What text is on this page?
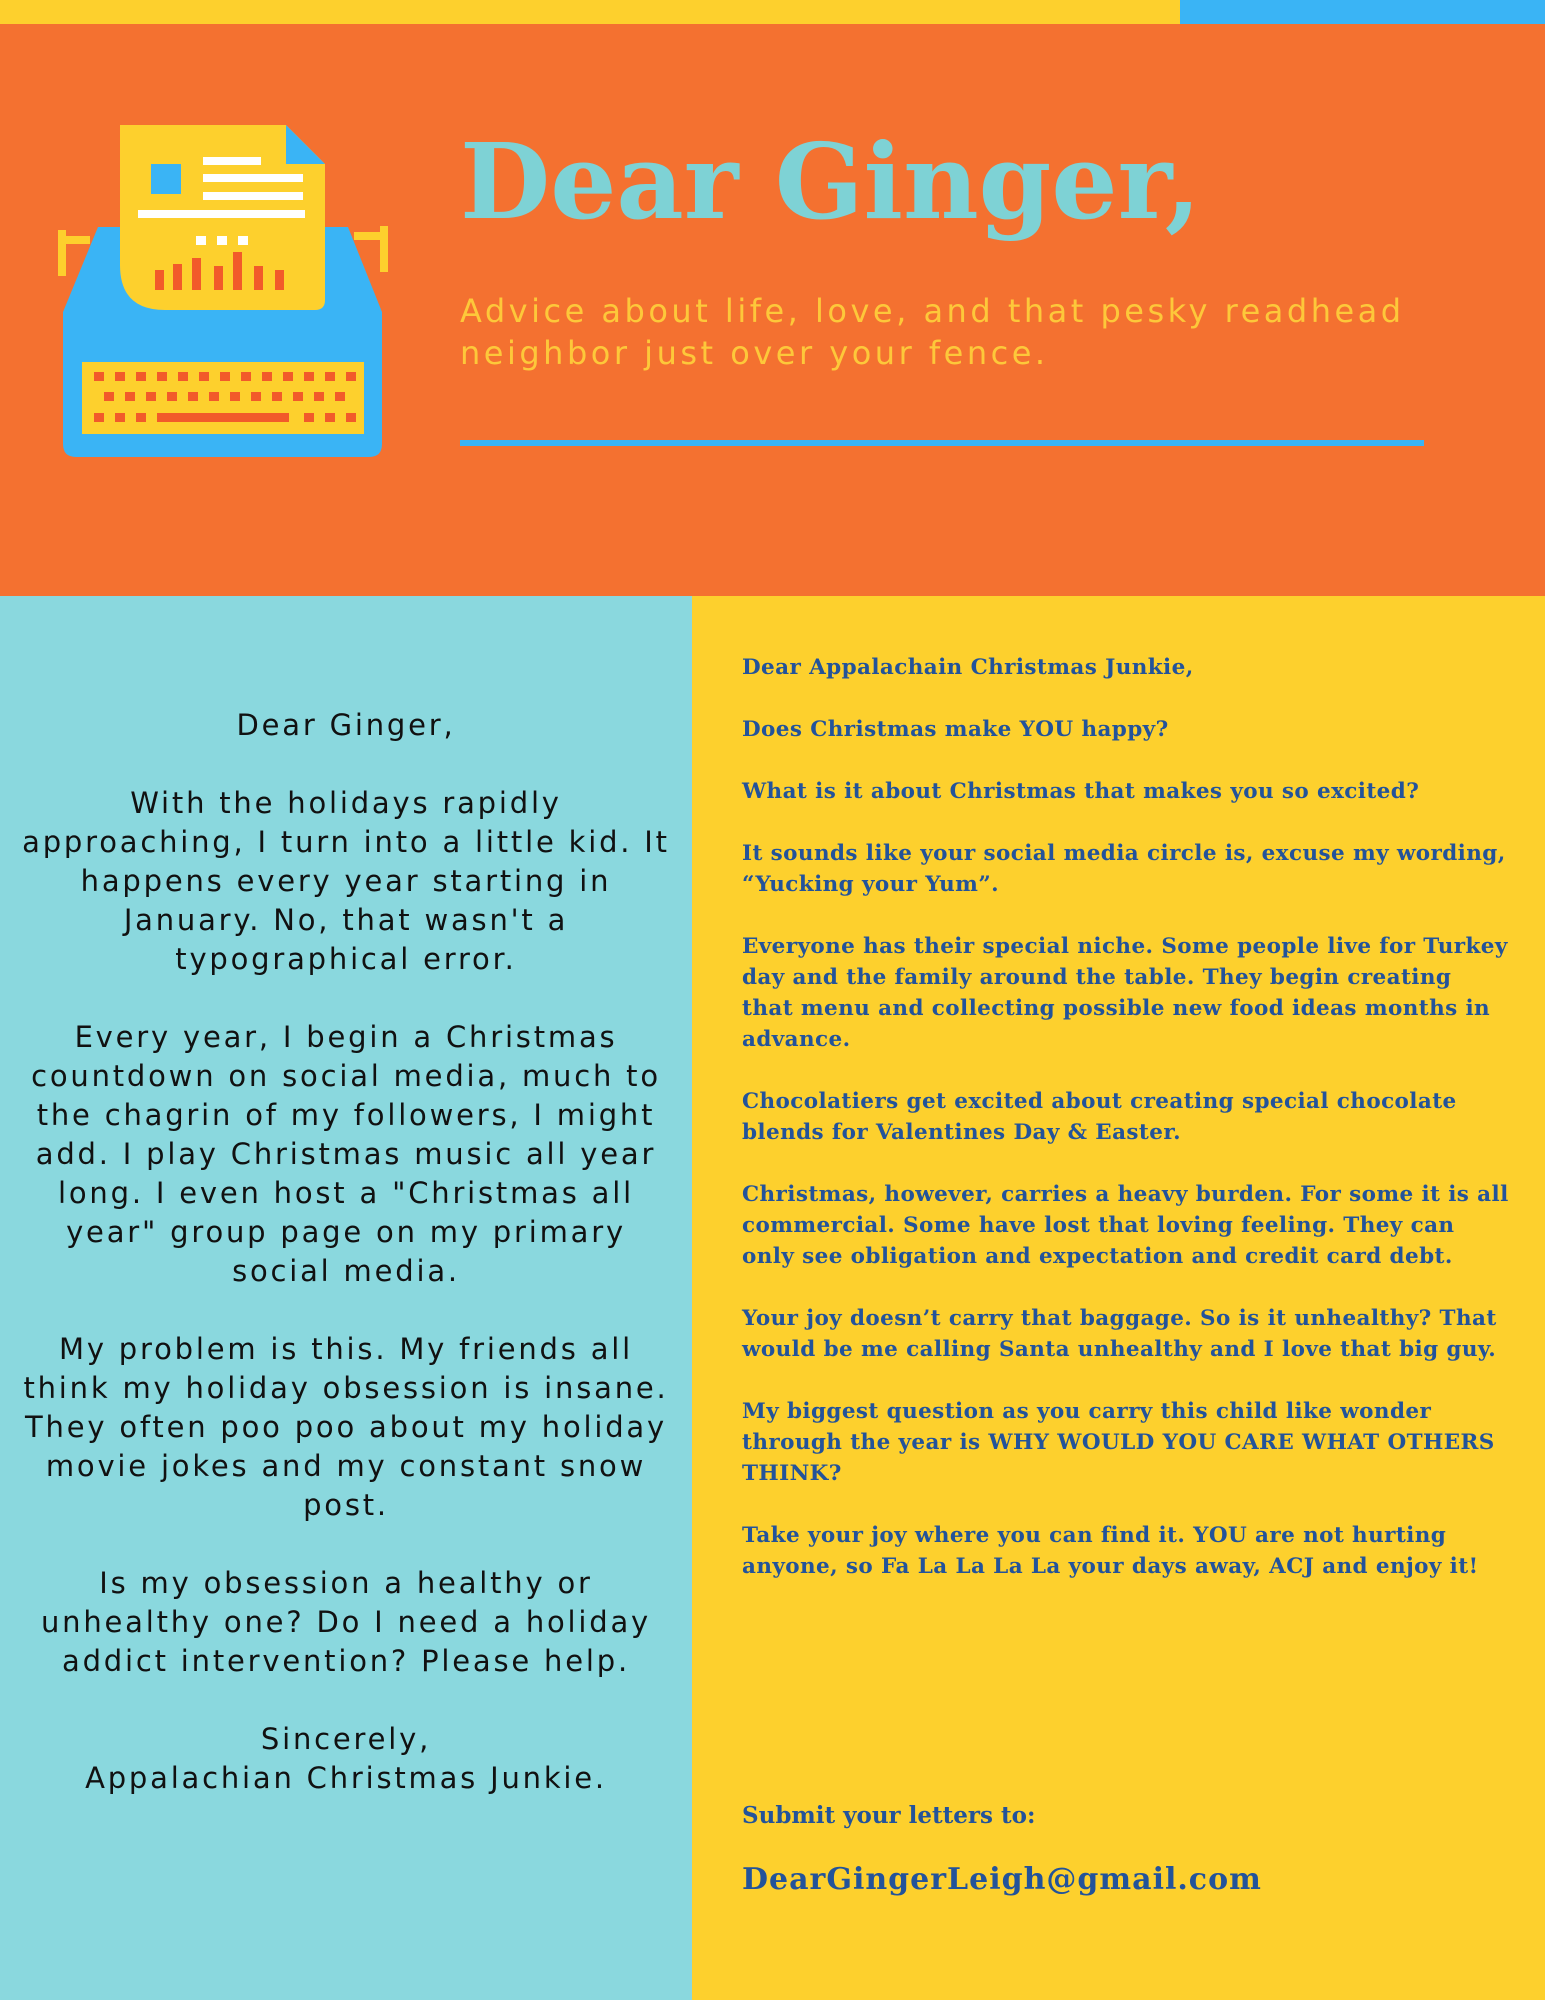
Dear Ginger,

Advice about life, love, and that pesky readhead neighbor just over your fence.

Dear Ginger,

With the holidays rapidly approaching, I turn into a little kid. It happens every year starting in January. No, that wasn't a typographical error.

Every year, I begin a Christmas countdown on social media, much to the chagrin of my followers, I might add. I play Christmas music all year long. I even host a "Christmas all year" group page on my primary social media.

My problem is this. My friends all think my holiday obsession is insane. They often poo poo about my holiday movie jokes and my constant snow post.

Is my obsession a healthy or unhealthy one? Do I need a holiday addict intervention? Please help.

Sincerely,

Appalachian Christmas Junkie.

Dear Appalachain Christmas Junkie,

Does Christmas make YOU happy?

What is it about Christmas that makes you so excited?

It sounds like your social media circle is, excuse my wording, “Yucking your Yum”.

Everyone has their special niche. Some people live for Turkey day and the family around the table. They begin creating that menu and collecting possible new food ideas months in advance.

Chocolatiers get excited about creating special chocolate blends for Valentines Day & Easter.

Christmas, however, carries a heavy burden. For some it is all commercial. Some have lost that loving feeling. They can only see obligation and expectation and credit card debt.

Your joy doesn’t carry that baggage. So is it unhealthy? That would be me calling Santa unhealthy and I love that big guy.

My biggest question as you carry this child like wonder through the year is WHY WOULD YOU CARE WHAT OTHERS THINK?

Take your joy where you can find it. YOU are not hurting anyone, so Fa La La La La your days away, ACJ and enjoy it!

Submit your letters to:

DearGingerLeigh@gmail.com
